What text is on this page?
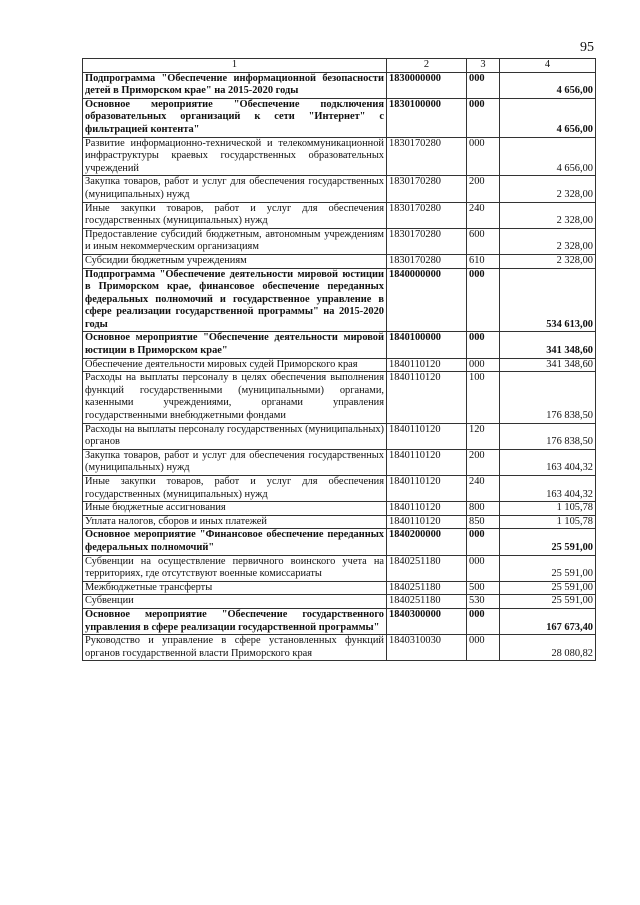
95
1	2	3	4
Подпрограмма "Обеспечение информационной безопасности детей в Приморском крае" на 2015-2020 годы	1830000000	000	4 656,00
Основное мероприятие "Обеспечение подключения образовательных организаций к сети "Интернет" с фильтрацией контента"	1830100000	000	4 656,00
Развитие информационно-технической и телекоммуникационной инфраструктуры краевых государственных образовательных учреждений	1830170280	000	4 656,00
Закупка товаров, работ и услуг для обеспечения государственных (муниципальных) нужд	1830170280	200	2 328,00
Иные закупки товаров, работ и услуг для обеспечения государственных (муниципальных) нужд	1830170280	240	2 328,00
Предоставление субсидий бюджетным, автономным учреждениям и иным некоммерческим организациям	1830170280	600	2 328,00
Субсидии бюджетным учреждениям	1830170280	610	2 328,00
Подпрограмма "Обеспечение деятельности мировой юстиции в Приморском крае, финансовое обеспечение переданных федеральных полномочий и государственное управление в сфере реализации государственной программы" на 2015-2020 годы	1840000000	000	534 613,00
Основное мероприятие "Обеспечение деятельности мировой юстиции в Приморском крае"	1840100000	000	341 348,60
Обеспечение деятельности мировых судей Приморского края	1840110120	000	341 348,60
Расходы на выплаты персоналу в целях обеспечения выполнения функций государственными (муниципальными) органами, казенными учреждениями, органами управления государственными внебюджетными фондами	1840110120	100	176 838,50
Расходы на выплаты персоналу государственных (муниципальных) органов	1840110120	120	176 838,50
Закупка товаров, работ и услуг для обеспечения государственных (муниципальных) нужд	1840110120	200	163 404,32
Иные закупки товаров, работ и услуг для обеспечения государственных (муниципальных) нужд	1840110120	240	163 404,32
Иные бюджетные ассигнования	1840110120	800	1 105,78
Уплата налогов, сборов и иных платежей	1840110120	850	1 105,78
Основное мероприятие "Финансовое обеспечение переданных федеральных полномочий"	1840200000	000	25 591,00
Субвенции на осуществление первичного воинского учета на территориях, где отсутствуют военные комиссариаты	1840251180	000	25 591,00
Межбюджетные трансферты	1840251180	500	25 591,00
Субвенции	1840251180	530	25 591,00
Основное мероприятие "Обеспечение государственного управления в сфере реализации государственной программы"	1840300000	000	167 673,40
Руководство и управление в сфере установленных функций органов государственной власти Приморского края	1840310030	000	28 080,82
